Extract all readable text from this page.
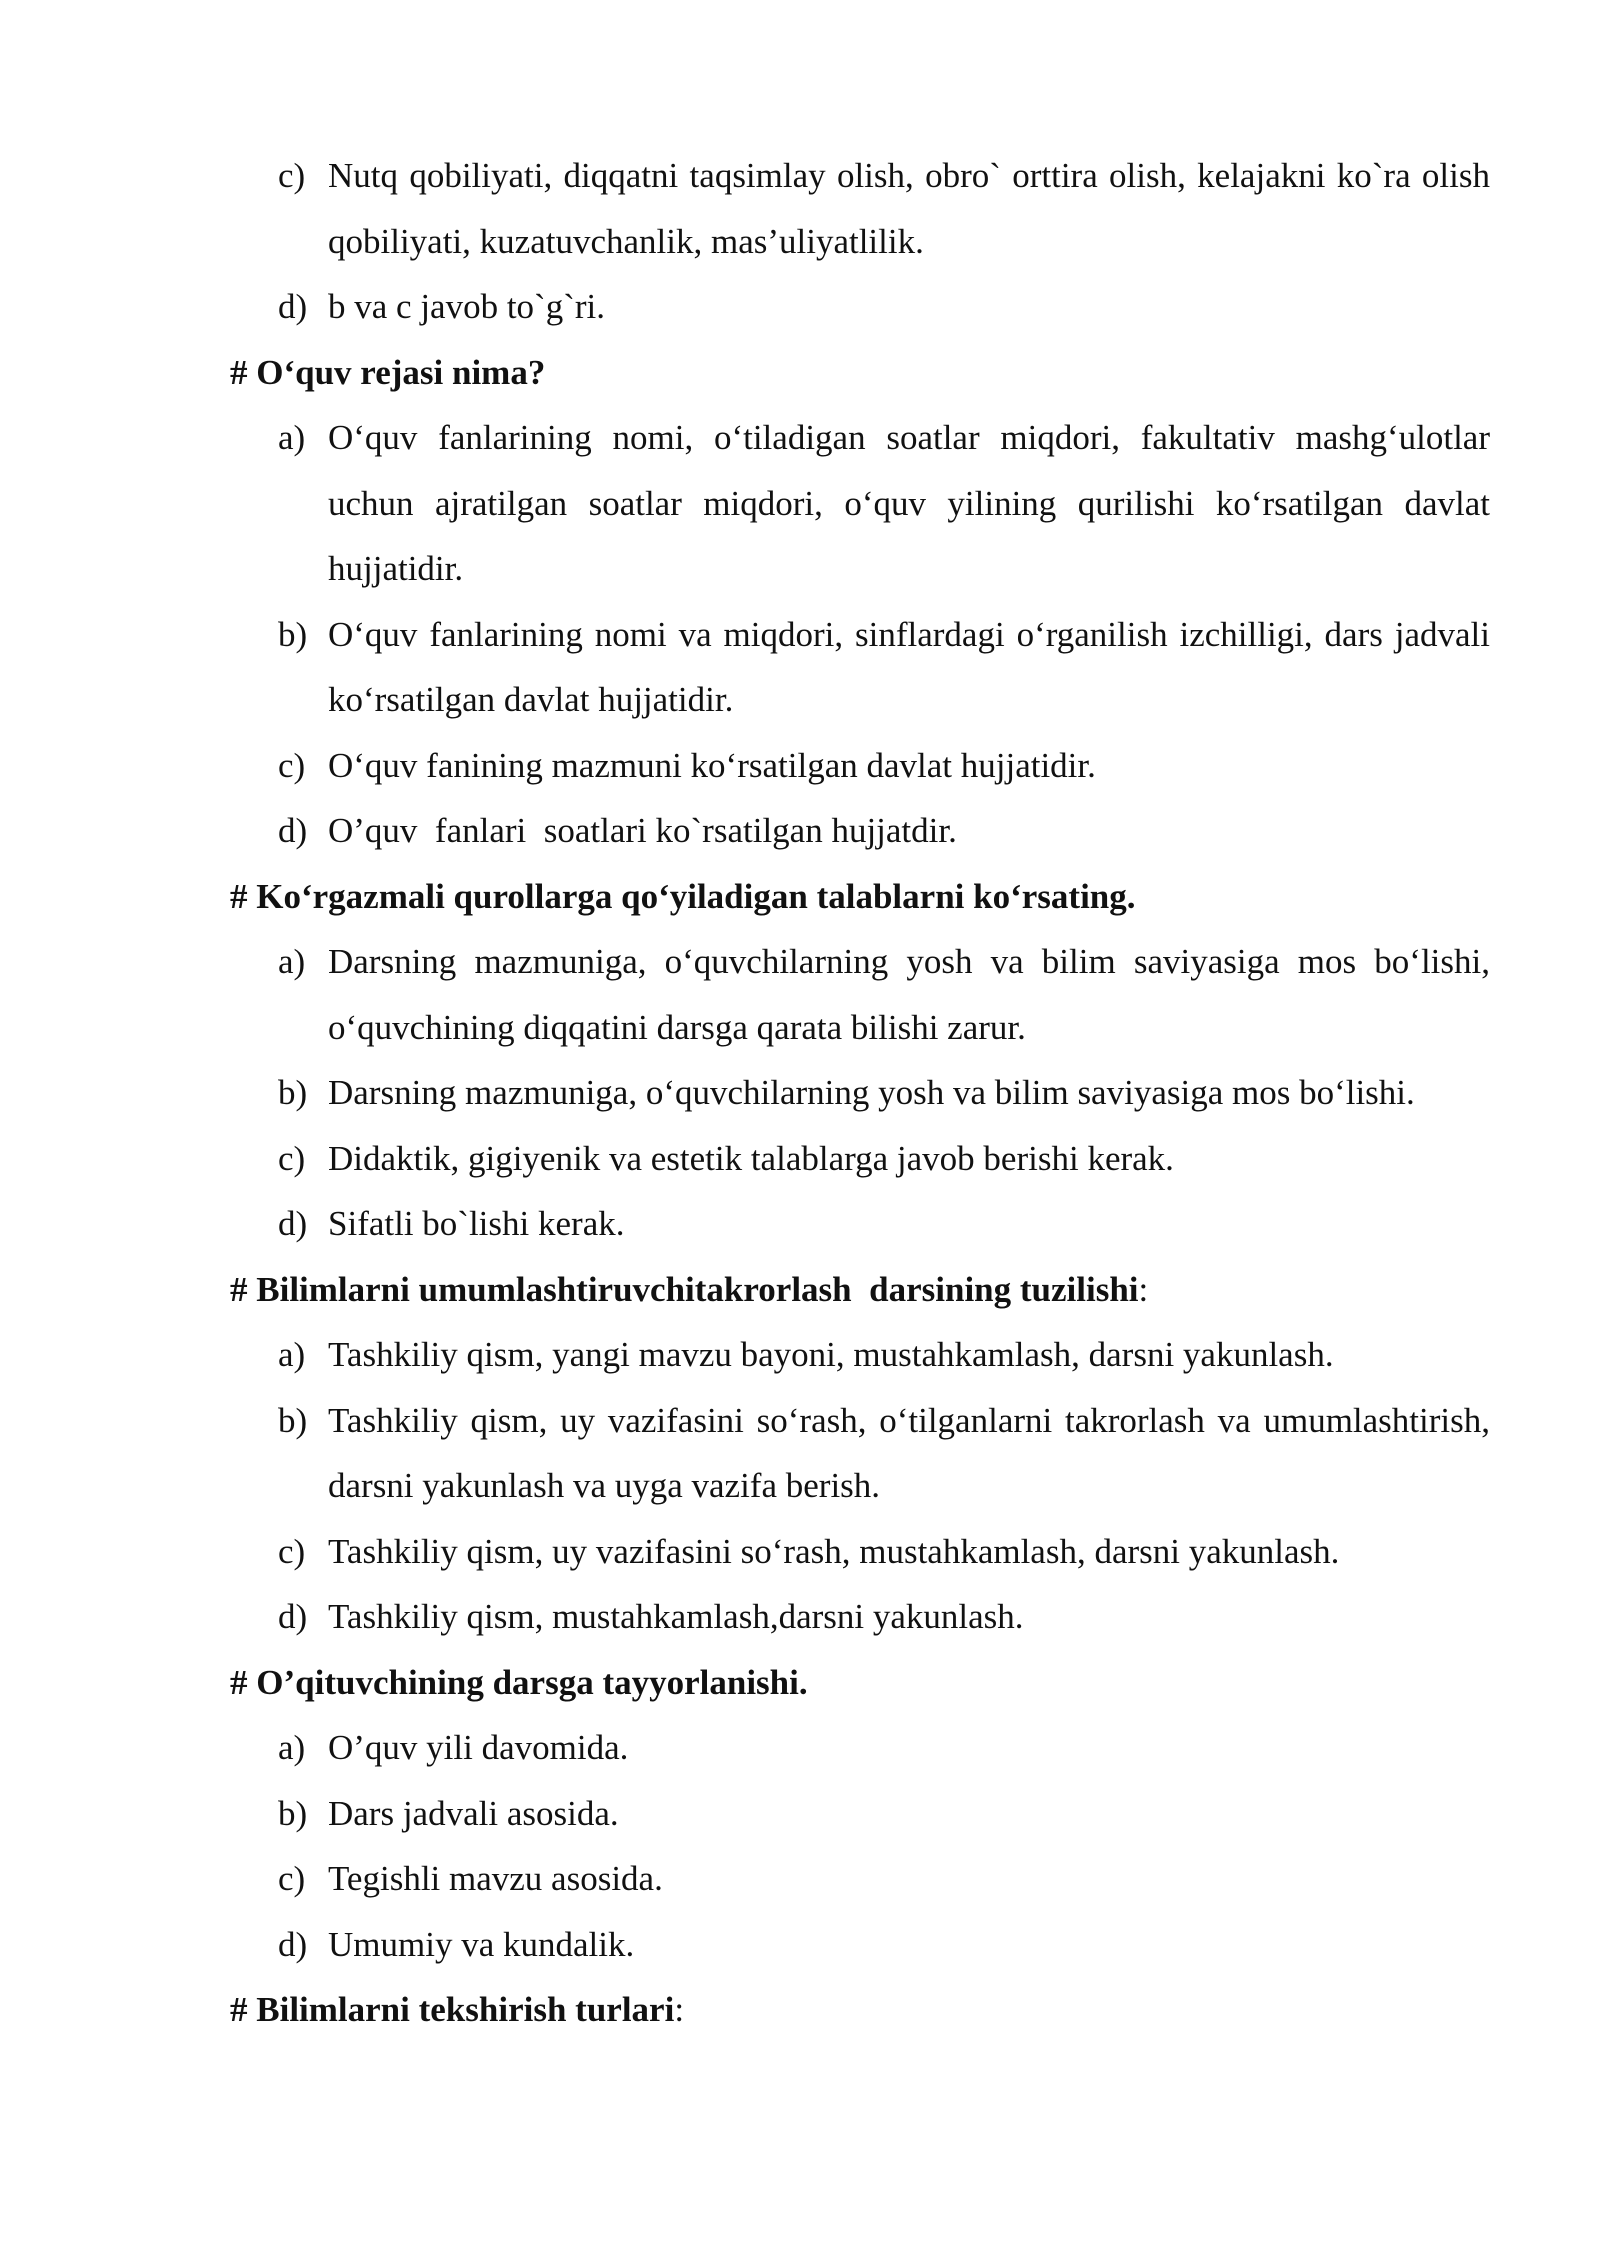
c) Nutq qobiliyati, diqqatni taqsimlay olish, obro` orttira olish, kelajakni ko`ra olish qobiliyati, kuzatuvchanlik, mas’uliyatlilik.
d) b va c javob to`g`ri.
# O‘quv rejasi nima?
a) O‘quv fanlarining nomi, o‘tiladigan soatlar miqdori, fakultativ mashg‘ulotlar uchun ajratilgan soatlar miqdori, o‘quv yilining qurilishi ko‘rsatilgan davlat hujjatidir.
b) O‘quv fanlarining nomi va miqdori, sinflardagi o‘rganilish izchilligi, dars jadvali ko‘rsatilgan davlat hujjatidir.
c) O‘quv fanining mazmuni ko‘rsatilgan davlat hujjatidir.
d) O’quv  fanlari  soatlari ko`rsatilgan hujjatdir.
# Ko‘rgazmali qurollarga qo‘yiladigan talablarni ko‘rsating.
a) Darsning mazmuniga, o‘quvchilarning yosh va bilim saviyasiga mos bo‘lishi, o‘quvchining diqqatini darsga qarata bilishi zarur.
b) Darsning mazmuniga, o‘quvchilarning yosh va bilim saviyasiga mos bo‘lishi.
c) Didaktik, gigiyenik va estetik talablarga javob berishi kerak.
d) Sifatli bo`lishi kerak.
# Bilimlarni umumlashtiruvchitakrorlash  darsining tuzilishi:
a) Tashkiliy qism, yangi mavzu bayoni, mustahkamlash, darsni yakunlash.
b) Tashkiliy qism, uy vazifasini so‘rash, o‘tilganlarni takrorlash va umumlashtirish, darsni yakunlash va uyga vazifa berish.
c) Tashkiliy qism, uy vazifasini so‘rash, mustahkamlash, darsni yakunlash.
d) Tashkiliy qism, mustahkamlash,darsni yakunlash.
# O’qituvchining darsga tayyorlanishi.
a) O’quv yili davomida.
b) Dars jadvali asosida.
c) Tegishli mavzu asosida.
d) Umumiy va kundalik.
# Bilimlarni tekshirish turlari:
